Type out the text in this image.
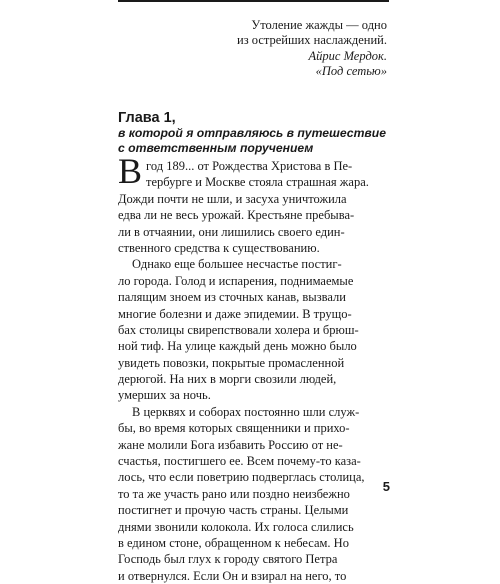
Утоление жажды — одно
из острейших наслаждений.
Айрис Мердок.
«Под сетью»
Глава 1,
в которой я отправляюсь в путешествие
с ответственным поручением
В год 189... от Рождества Христова в Пе-
тербурге и Москве стояла страшная жара.
Дожди почти не шли, и засуха уничтожила
едва ли не весь урожай. Крестьяне пребыва-
ли в отчаянии, они лишились своего един-
ственного средства к существованию.
Однако еще большее несчастье постиг-
ло города. Голод и испарения, поднимаемые
палящим зноем из сточных канав, вызвали
многие болезни и даже эпидемии. В трущо-
бах столицы свирепствовали холера и брюш-
ной тиф. На улице каждый день можно было
увидеть повозки, покрытые промасленной
дерюгой. На них в морги свозили людей,
умерших за ночь.
В церквях и соборах постоянно шли служ-
бы, во время которых священники и прихо-
жане молили Бога избавить Россию от не-
счастья, постигшего ее. Всем почему-то каза-
лось, что если поветрию подверглась столица,
то та же участь рано или поздно неизбежно
постигнет и прочую часть страны. Целыми
днями звонили колокола. Их голоса слились
в едином стоне, обращенном к небесам. Но
Господь был глух к городу святого Петра
и отвернулся. Если Он и взирал на него, то
5
